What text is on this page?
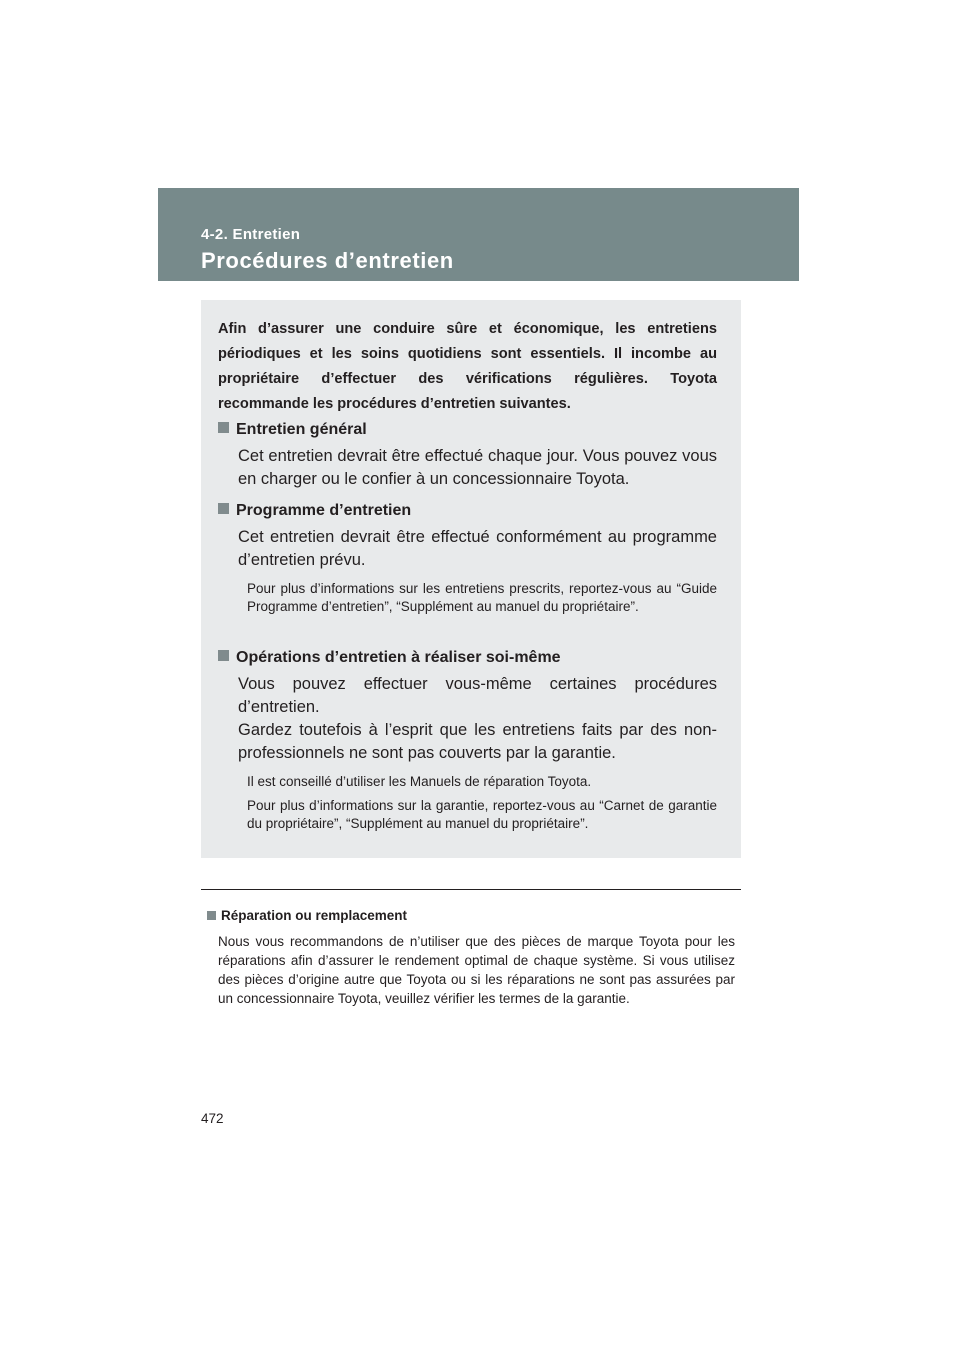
4-2. Entretien
Procédures d’entretien
Afin d’assurer une conduire sûre et économique, les entretiens périodiques et les soins quotidiens sont essentiels. Il incombe au propriétaire d’effectuer des vérifications régulières. Toyota recommande les procédures d’entretien suivantes.
Entretien général

Cet entretien devrait être effectué chaque jour. Vous pouvez vous en charger ou le confier à un concessionnaire Toyota.

Programme d’entretien

Cet entretien devrait être effectué conformément au programme d’entretien prévu.

Pour plus d’informations sur les entretiens prescrits, reportez-vous au “Guide Programme d’entretien”, “Supplément au manuel du propriétaire”.
Opérations d’entretien à réaliser soi-même

Vous pouvez effectuer vous-même certaines procédures d’entretien.

Gardez toutefois à l’esprit que les entretiens faits par des non-professionnels ne sont pas couverts par la garantie.

Il est conseillé d’utiliser les Manuels de réparation Toyota.
Pour plus d’informations sur la garantie, reportez-vous au “Carnet de garantie du propriétaire”, “Supplément au manuel du propriétaire”.
Réparation ou remplacement
Nous vous recommandons de n’utiliser que des pièces de marque Toyota pour les réparations afin d’assurer le rendement optimal de chaque système. Si vous utilisez des pièces d’origine autre que Toyota ou si les réparations ne sont pas assurées par un concessionnaire Toyota, veuillez vérifier les termes de la garantie.
472
